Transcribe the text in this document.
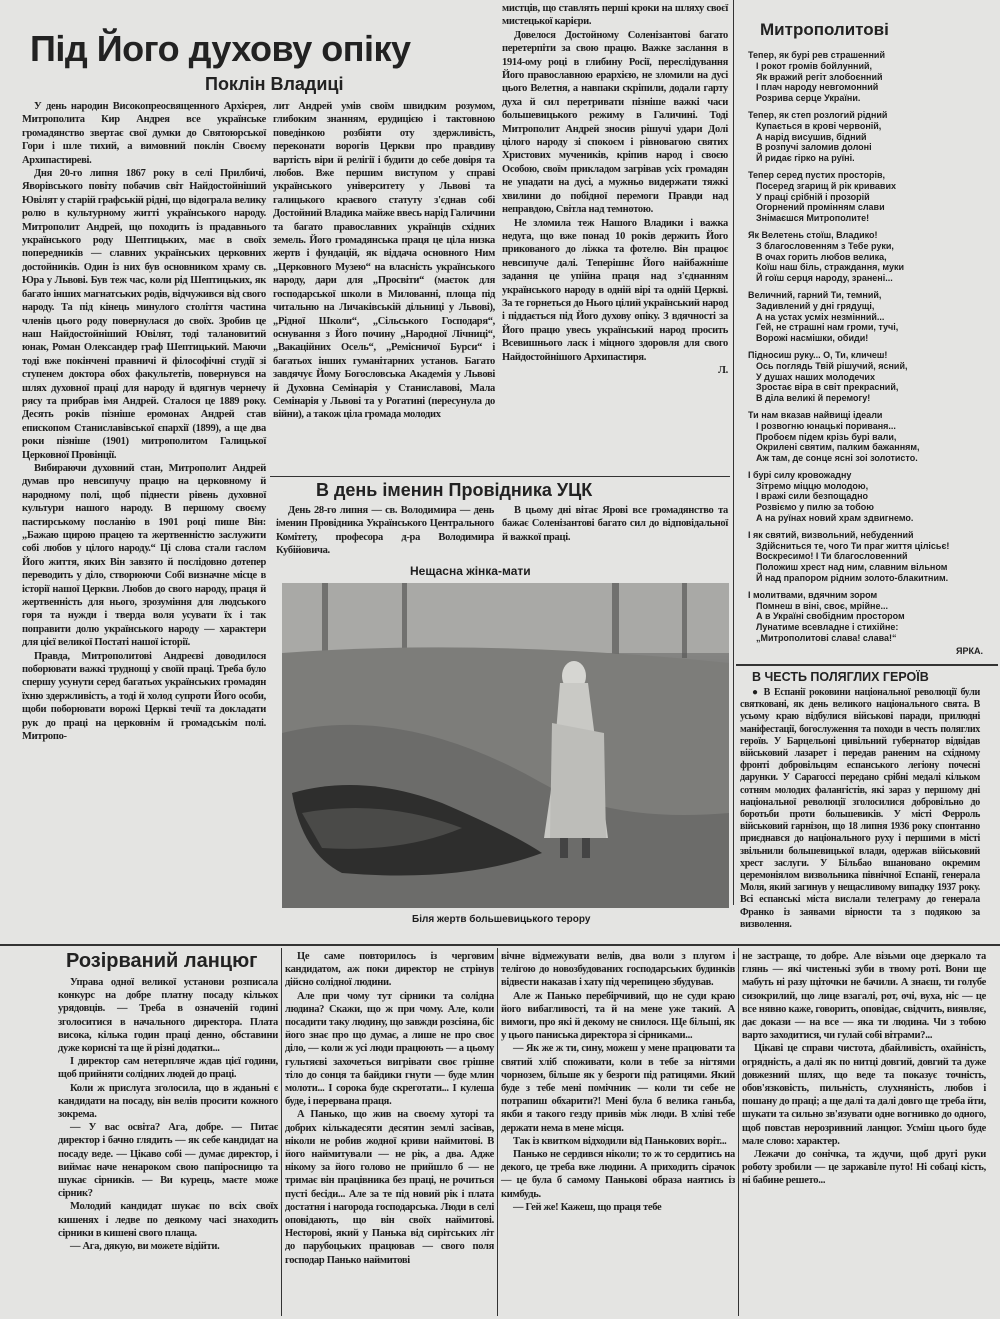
Під Його духову опіку
Поклін Владиці

У день народин Високопреосвященного Архієрея, Митрополита Кир Андрея все українське громадянство звертає свої думки до Святоюрської Гори і шле тихий, а вимовний поклін Своєму Архипастиреві.

Дня 20-го липня 1867 року в селі Прилбичі, Яворівського повіту побачив світ Найдостойніший Ювілят у старій графській рідні, що відограла велику ролю в культурному житті українського народу. Митрополит Андрей, що походить із прадавнього українського роду Шептицьких, має в своїх попередників — славних українських церковних достойників. Один із них був основником храму св. Юра у Львові. Був теж час, коли рід Шептицьких, як багато інших магнатських родів, відчужився від свого народу. Та під кінець минулого століття частина членів цього роду повернулася до своїх. Зробив це наш Найдостойніший Ювілят, тоді талановитий юнак, Роман Олександер граф Шептицький. Маючи тоді вже покінчені правничі й філософічні студії зі ступенем доктора обох факультетів, повернувся на шлях духовної праці для народу й вдягнув чернечу рясу та прибрав імя Андрей. Сталося це 1889 року. Десять років пізніше еромонах Андрей став епископом Станиславівської єпархії (1899), а ще два роки пізніше (1901) митрополитом Галицької Церковної Провінції.

Вибираючи духовний стан, Митрополит Андрей думав про невсипучу працю на церковному й народному полі, щоб піднести рівень духовної культури нашого народу. В першому своєму пастирському посланію в 1901 році пише Він: „Бажаю щирою працею та жертвенністю заслужити собі любов у цілого народу.“ Ці слова стали гаслом Його життя, яких Він завзято й послідовно дотепер переводить у діло, створюючи Собі визначне місце в історії нашої Церкви. Любов до свого народу, праця й жертвенність для нього, зрозуміння для людського горя та нужди і тверда воля усувати їх і так поправити долю українського народу — характери для цієї великої Постаті нашої історії.

Правда, Митрополитові Андреєві доводилося поборювати важкі труднощі у своїй праці. Треба було спершу усунути серед багатьох українських громадян їхню здержливість, а тоді й холод супроти Його особи, щоби поборювати ворожі Церкві течії та докладати рук до праці на церковнім й громадськім полі. Митропо-

лит Андрей умів своїм швидким розумом, глибоким знанням, ерудицією і тактовною поведінкою розбіяти оту здержливість, переконати ворогів Церкви про правдиву вартість віри й релігії і будити до себе довіря та любов. Вже першим виступом у справі українського університету у Львові та галицького краєвого статуту з'єднав собі Достойний Владика майже ввесь нарід Галичини та багато православних українців східних земель. Його громадянська праця це ціла низка жертв і фундацій, як віддача основного Ним „Церковного Музею“ на власність українського народу, дари для „Просвіти“ (маєток для господарської школи в Милованні, площа під читальню на Личаківській дільниці у Львові), „Рідної Школи“, „Сільського Господаря“, оснування з Його почину „Народної Лічниці“, „Вакаційних Осель“, „Ремісничої Бурси“ і багатьох інших гуманітарних установ. Багато завдячує Йому Богословська Академія у Львові й Духовна Семінарія у Станиславові, Мала Семінарія у Львові та у Рогатині (пересунула до війни), а також ціла громада молодих

мистців, що ставлять перші кроки на шляху своєї мистецької карієри.

Довелося Достойному Соленізантові багато перетерпіти за свою працю. Важке заслання в 1914-ому році в глибину Росії, переслідування Його православною ерархією, не зломили на дусі цього Велетня, а навпаки скріпили, додали гарту духа й сил перетривати пізніше важкі часи большевицького режиму в Галичині. Тоді Митрополит Андрей зносив рішучі удари Долі цілого народу зі спокоєм і рівновагою святих Христових мучеників, кріпив народ і своєю Особою, своїм прикладом загрівав усіх громадян не упадати на дусі, а мужньо видержати тяжкі хвилини до побідної перемоги Правди над неправдою, Світла над темнотою.

Не зломила теж Нашого Владики і важка недуга, що вже понад 10 років держить Його прикованого до ліжка та фотелю. Він працює невсипуче далі. Теперішнє Його найбажніше задання це упійна праця над з'єднанням українського народу в одній вірі та одній Церкві. За те горнеться до Нього цілий український народ і піддається під Його духову опіку. З вдячності за Його працю увесь український народ просить Всевишнього ласк і міцного здоровля для свого Найдостойнішого Архипастиря.

Л.

В день іменин Провідника УЦК

День 28-го липня — св. Володимира — день іменин Провідника Українського Центрального Комітету, професора д-ра Володимира Кубійовича.

В цьому дні вітає Ярові все громадянство та бажає Соленізантові багато сил до відповідальної й важкої праці.

Нещасна жінка-мати
Біля жертв большевицького терору
Митрополитові
Тепер, як бурі рев страшенний
І рокот громів бойлунний,
Як вражий регіт злобоєнний
І плач народу невгомонний
Розрива серце України.
Тепер, як степ розлогий рідний
Купається в крові червоній,
А нарід висушив, бідний
В розпучі заломив долоні
Й ридає гірко на руїні.
Тепер серед пустих просторів,
Посеред згарищ й рік кривавих
У праці срібній і прозорій
Огорнений промінням слави
Знімаєшся Митрополите!
Як Велетень стоїш, Владико!
З благословенням з Тебе руки,
В очах горить любов велика,
Коїш наш біль, страждання, муки
Й гоїш серця народу, зранені...
Величний, гарний Ти, темний,
Задивлений у дні грядущі,
А на устах усміх незмінний...
Гей, не страшні нам громи, тучі,
Ворожі насмішки, обиди!
Підносиш руку... О, Ти, кличеш!
Ось поглядь Твій рішучий, ясний,
У душах наших молодечих
Зростає віра в світ прекрасний,
В діла великі й перемогу!
Ти нам вказав найвищі ідеали
І розвогню юнацькі пориваня...
Пробоєм підем крізь бурі вали,
Окрилені святим, палким бажанням,
Аж там, де сонце ясні зоі золотисто.
І бурі силу кровожадну
Зітремо міццю молодою,
І вражі сили безпощадно
Розвіємо у пилю за тобою
А на руїнах новий храм здвигнемо.
І як святий, визвольний, небуденний
Здійсниться те, чого Ти праг життя цілісьє!
Воскресимо! І Ти благословенний
Положиш хрест над ним, славним вільном
Й над прапором рідним золото-блакитним.
І молитвами, вдячним зором
Помнеш в віні, своє, мрійне...
А в Україні свобідним простором
Лунатиме всевладне і стихійне:
„Митрополитові слава! слава!“
ЯРКА.
В ЧЕСТЬ ПОЛЯГЛИХ ГЕРОЇВ

● В Еспанії роковини національної революції були святковані, як день великого національного свята. В усьому краю відбулися військові паради, прилюдні маніфестації, богослуження та походи в честь поляглих героїв. У Барцельоні цивільний губернатор відвідав військовий лазарет і передав раненим на східному фронті добровільцям еспанського легіону почесні дарунки. У Сарагоссі передано срібні медалі кільком сотням молодих фалангістів, які зараз у першому дні національної революції зголосилися добровільно до боротьби проти большевиків. У місті Ферроль військовий гарнізон, що 18 липня 1936 року спонтанно приєднався до національного руху і першими в місті звільнили большевицької влади, одержав військовий хрест заслуги. У Більбао вшановано окремим церемоніялом визвольника північної Еспанії, генерала Моля, який загинув у нещасливому випадку 1937 року. Всі еспанські міста вислали телеграму до генерала Франко із заявами вірности та з подякою за визволення.

Розірваний ланцюг

Управа одної великої установи розписала конкурс на добре платну посаду кількох урядовців. — Треба в означеній годині зголоситися в начального директора. Плата висока, кілька годин праці денно, обставини дуже корисні та ще й різні додатки...

І директор сам нетерпляче ждав цієї години, щоб прийняти солідних людей до праці.

Коли ж прислуга зголосила, що в жданьні є кандидати на посаду, він велів просити кожного зокрема.

— У вас освіта? Ага, добре. — Питає директор і бачно глядить — як себе кандидат на посаду веде. — Цікаво собі — думає директор, і виймає наче ненароком свою папіросницю та шукає сірників. — Ви курець, маєте може сірник?

Молодий кандидат шукає по всіх своїх кишенях і ледве по деякому часі знаходить сірники в кишені свого плаща.

— Ага, дякую, ви можете відійти.

Це саме повторилось із черговим кандидатом, аж поки директор не стрінув дійсно солідної людини.

Але при чому тут сірники та солідна людина? Скажи, що ж при чому. Але, коли посадити таку людину, що завжди розсіяна, біс його знає про що думає, а лише не про своє діло, — коли ж усі люди працюють — а цьому гультяєві захочеться вигрівати своє грішне тіло до сонця та байдики гнути — буде млин молоти... І сорока буде скреготати... І кулеша буде, і перервана праця.

А Панько, що жив на своєму хуторі та добрих кількадесяти десятин землі засівав, ніколи не робив жодної криви наймитові. В його наймитували — не рік, а два. Адже нікому за його голово не прийшло б — не тримає він працівника без праці, не рочиться пусті бесіди... Але за те під новий рік і плата достатня і нагорода господарська. Люди в селі оповідають, що він своїх наймитові. Несторові, який у Панька від сирітських літ до парубоцьких працював — свого поля господар Панько наймитові

вічне відмежувати велів, два воли з плугом і телігою до новозбудованих господарських будинків відвести наказав і хату під черепицею збудував.

Але ж Панько перебірчивий, що не суди краю його вибагливості, та й на мене уже такий. А вимоги, про які й декому не снилося. Ще більші, як у цього паниська директора зі сірниками...

— Як же ж ти, сину, можеш у мене працювати та святий хліб споживати, коли в тебе за нігтями чорнозем, більше як у безроги під ратицями. Який буде з тебе мені помічник — коли ти себе не потрапиш обхарити?! Мені була б велика ганьба, якби я такого гезду привів між люди. В хліві тебе держати нема в мене місця.

Так із квитком відходили від Панькових воріт...

Панько не сердився ніколи; то ж то сердитись на декого, це треба вже людини. А приходить сірачок — це була б самому Панькові образа наятись із кимбудь.

— Гей же! Кажеш, що праця тебе

не застраще, то добре. Але візьми оце дзеркало та глянь — які чистенькі зуби в твому роті. Вони ще мабуть ні разу щіточки не бачили. А знаєш, ти голубе сизокрилий, що лице взагалі, рот, очі, вуха, ніс — це все нявно каже, говорить, оповідає, свідчить, виявляє, дає докази — на все — яка ти людина. Чи з тобою варто заходитися, чи гулай собі вітрами?...

Цікаві це справи чистота, дбайливість, охайність, огрядність, а далі як по нитці довгий, довгий та дуже довжезний шлях, що веде та показує точність, обов'язковість, пильність, слухняність, любов і пошану до праці; а ще далі та далі довго ще треба йти, шукати та сильно зв'язувати одне вогнивко до одного, щоб повстав нерозривний ланцюг. Усміш цього буде мале слово: характер.

Лежачи до сонічка, та ждучи, щоб другі руки роботу зробили — це заржавіле путо! Ні собаці кість, ні бабине решето...
